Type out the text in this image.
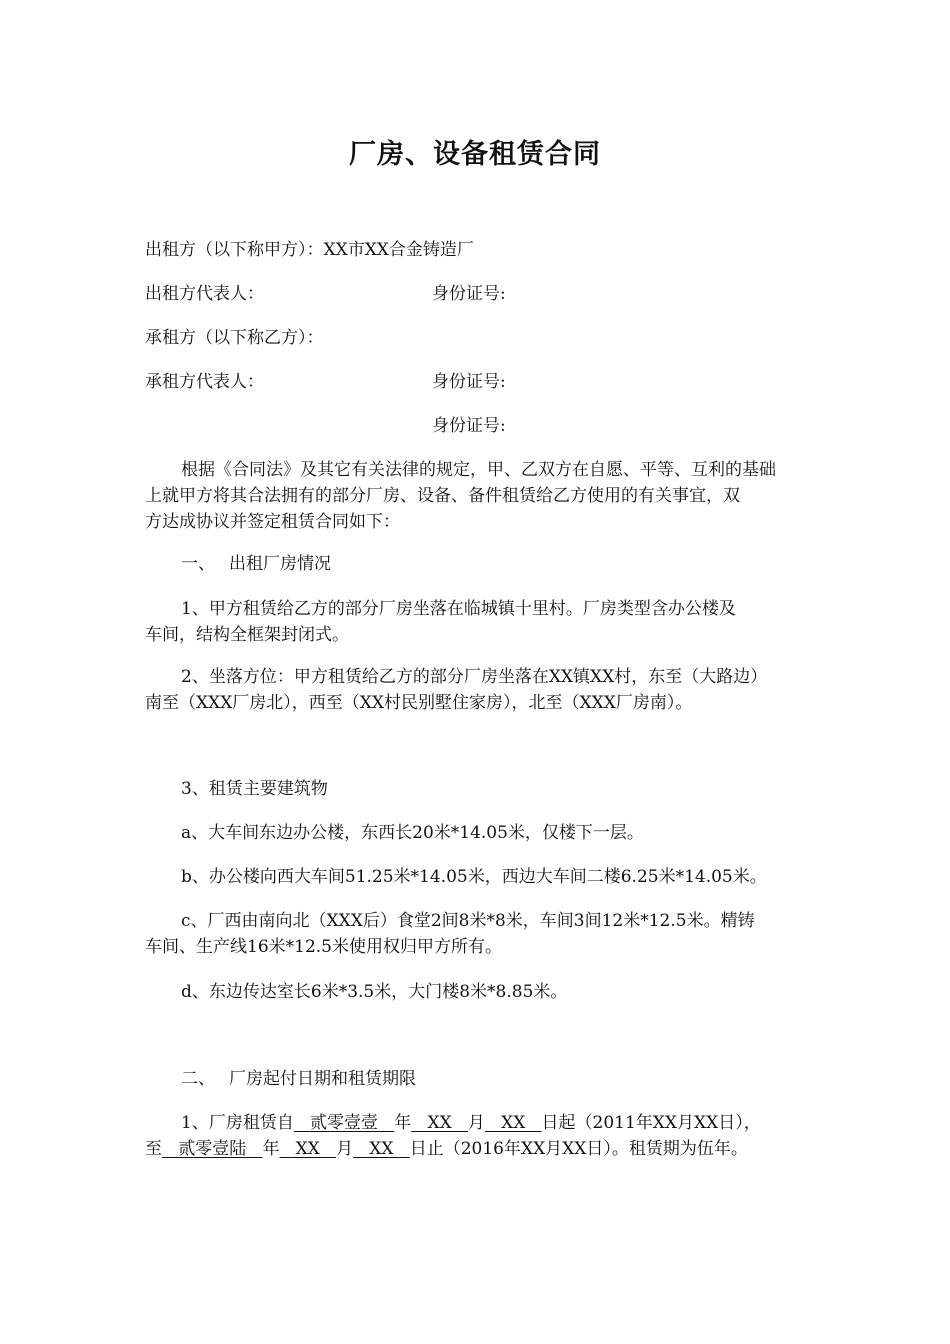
厂房、设备租赁合同
出租方（以下称甲方）：XX市XX合金铸造厂
出租方代表人：	身份证号:
承租方（以下称乙方）：
承租方代表人：	身份证号:
身份证号:
根据《合同法》及其它有关法律的规定，甲、乙双方在自愿、平等、互利的基础
上就甲方将其合法拥有的部分厂房、设备、备件租赁给乙方使用的有关事宜，双
方达成协议并签定租赁合同如下：
一、 出租厂房情况
1、甲方租赁给乙方的部分厂房坐落在临城镇十里村。厂房类型含办公楼及
车间，结构全框架封闭式。
2、坐落方位：甲方租赁给乙方的部分厂房坐落在XX镇XX村，东至（大路边）
南至（XXX厂房北），西至（XX村民别墅住家房），北至（XXX厂房南）。
3、租赁主要建筑物
a、大车间东边办公楼，东西长20米*14.05米，仅楼下一层。
b、办公楼向西大车间51.25米*14.05米，西边大车间二楼6.25米*14.05米。
c、厂西由南向北（XXX后）食堂2间8米*8米，车间3间12米*12.5米。精铸
车间、生产线16米*12.5米使用权归甲方所有。
d、东边传达室长6米*3.5米，大门楼8米*8.85米。
二、 厂房起付日期和租赁期限
1、厂房租赁自   贰零壹壹   年   XX   月   XX   日起（2011年XX月XX日），
至   贰零壹陆   年   XX   月   XX   日止（2016年XX月XX日）。租赁期为伍年。
